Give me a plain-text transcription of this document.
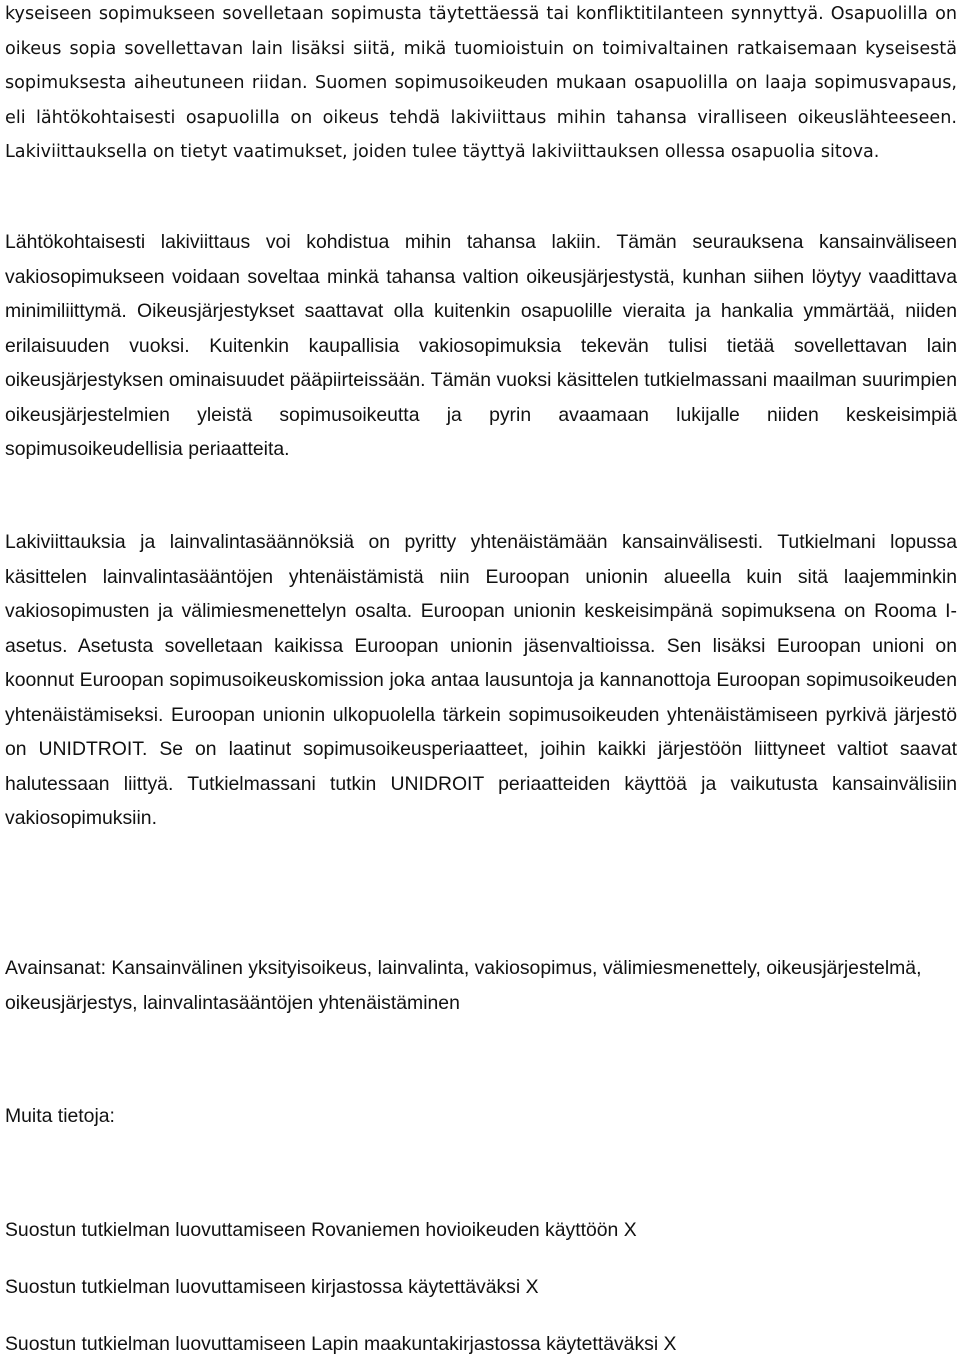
kyseiseen sopimukseen sovelletaan sopimusta täytettäessä tai konfliktitilanteen synnyttyä. Osapuolilla on oikeus sopia sovellettavan lain lisäksi siitä, mikä tuomioistuin on toimivaltainen ratkaisemaan kyseisestä sopimuksesta aiheutuneen riidan. Suomen sopimusoikeuden mukaan osapuolilla on laaja sopimusvapaus, eli lähtökohtaisesti osapuolilla on oikeus tehdä lakiviittaus mihin tahansa viralliseen oikeuslähteeseen. Lakiviittauksella on tietyt vaatimukset, joiden tulee täyttyä lakiviittauksen ollessa osapuolia sitova.

Lähtökohtaisesti lakiviittaus voi kohdistua mihin tahansa lakiin. Tämän seurauksena kansainväliseen vakiosopimukseen voidaan soveltaa minkä tahansa valtion oikeusjärjestystä, kunhan siihen löytyy vaadittava minimiliittymä. Oikeusjärjestykset saattavat olla kuitenkin osapuolille vieraita ja hankalia ymmärtää, niiden erilaisuuden vuoksi. Kuitenkin kaupallisia vakiosopimuksia tekevän tulisi tietää sovellettavan lain oikeusjärjestyksen ominaisuudet pääpiirteissään. Tämän vuoksi käsittelen tutkielmassani maailman suurimpien oikeusjärjestelmien yleistä sopimusoikeutta ja pyrin avaamaan lukijalle niiden keskeisimpiä sopimusoikeudellisia periaatteita.

Lakiviittauksia ja lainvalintasäännöksiä on pyritty yhtenäistämään kansainvälisesti. Tutkielmani lopussa käsittelen lainvalintasääntöjen yhtenäistämistä niin Euroopan unionin alueella kuin sitä laajemminkin vakiosopimusten ja välimiesmenettelyn osalta. Euroopan unionin keskeisimpänä sopimuksena on Rooma I-asetus. Asetusta sovelletaan kaikissa Euroopan unionin jäsenvaltioissa. Sen lisäksi Euroopan unioni on koonnut Euroopan sopimusoikeuskomission joka antaa lausuntoja ja kannanottoja Euroopan sopimusoikeuden yhtenäistämiseksi. Euroopan unionin ulkopuolella tärkein sopimusoikeuden yhtenäistämiseen pyrkivä järjestö on UNIDTROIT. Se on laatinut sopimusoikeusperiaatteet, joihin kaikki järjestöön liittyneet valtiot saavat halutessaan liittyä. Tutkielmassani tutkin UNIDROIT periaatteiden käyttöä ja vaikutusta kansainvälisiin vakiosopimuksiin.

Avainsanat: Kansainvälinen yksityisoikeus, lainvalinta, vakiosopimus, välimiesmenettely, oikeusjärjestelmä, oikeusjärjestys, lainvalintasääntöjen yhtenäistäminen

Muita tietoja:

Suostun tutkielman luovuttamiseen Rovaniemen hovioikeuden käyttöön X

Suostun tutkielman luovuttamiseen kirjastossa käytettäväksi X

Suostun tutkielman luovuttamiseen Lapin maakuntakirjastossa käytettäväksi X
